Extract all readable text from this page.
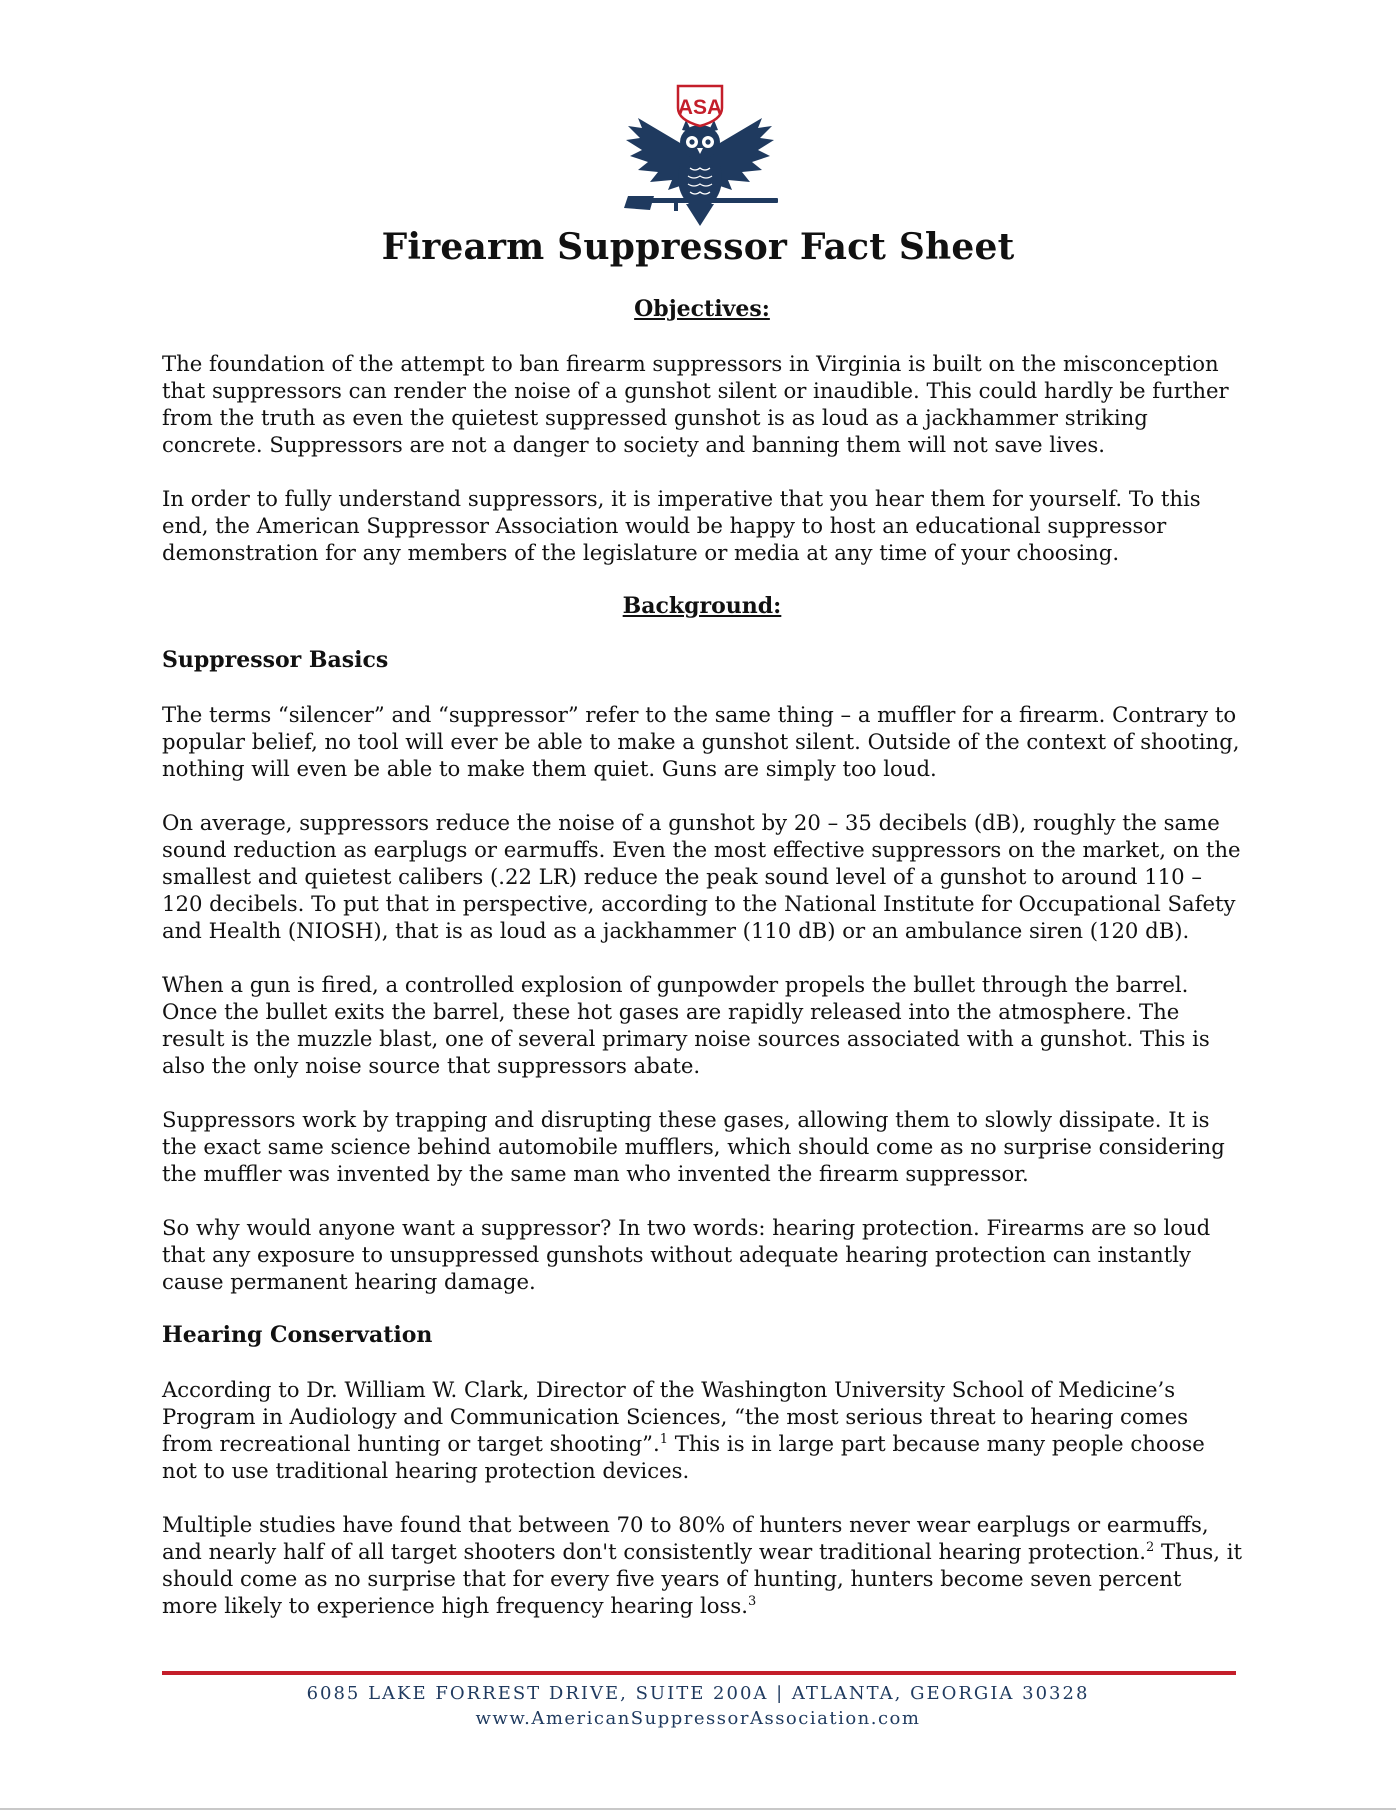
ASA
Firearm Suppressor Fact Sheet
Objectives:

The foundation of the attempt to ban firearm suppressors in Virginia is built on the misconception that suppressors can render the noise of a gunshot silent or inaudible. This could hardly be further from the truth as even the quietest suppressed gunshot is as loud as a jackhammer striking concrete. Suppressors are not a danger to society and banning them will not save lives.

In order to fully understand suppressors, it is imperative that you hear them for yourself. To this end, the American Suppressor Association would be happy to host an educational suppressor demonstration for any members of the legislature or media at any time of your choosing.

Background:
Suppressor Basics

The terms “silencer” and “suppressor” refer to the same thing – a muffler for a firearm. Contrary to popular belief, no tool will ever be able to make a gunshot silent. Outside of the context of shooting, nothing will even be able to make them quiet. Guns are simply too loud.

On average, suppressors reduce the noise of a gunshot by 20 – 35 decibels (dB), roughly the same sound reduction as earplugs or earmuffs. Even the most effective suppressors on the market, on the smallest and quietest calibers (.22 LR) reduce the peak sound level of a gunshot to around 110 – 120 decibels. To put that in perspective, according to the National Institute for Occupational Safety and Health (NIOSH), that is as loud as a jackhammer (110 dB) or an ambulance siren (120 dB).

When a gun is fired, a controlled explosion of gunpowder propels the bullet through the barrel. Once the bullet exits the barrel, these hot gases are rapidly released into the atmosphere. The result is the muzzle blast, one of several primary noise sources associated with a gunshot. This is also the only noise source that suppressors abate.

Suppressors work by trapping and disrupting these gases, allowing them to slowly dissipate. It is the exact same science behind automobile mufflers, which should come as no surprise considering the muffler was invented by the same man who invented the firearm suppressor.

So why would anyone want a suppressor? In two words: hearing protection. Firearms are so loud that any exposure to unsuppressed gunshots without adequate hearing protection can instantly cause permanent hearing damage.

Hearing Conservation

According to Dr. William W. Clark, Director of the Washington University School of Medicine’s Program in Audiology and Communication Sciences, “the most serious threat to hearing comes from recreational hunting or target shooting”.$^1$ This is in large part because many people choose not to use traditional hearing protection devices.

Multiple studies have found that between 70 to 80% of hunters never wear earplugs or earmuffs, and nearly half of all target shooters don't consistently wear traditional hearing protection.$^2$ Thus, it should come as no surprise that for every five years of hunting, hunters become seven percent more likely to experience high frequency hearing loss.$^3$

6085 LAKE FORREST DRIVE, SUITE 200A | ATLANTA, GEORGIA 30328
www.AmericanSuppressorAssociation.com
